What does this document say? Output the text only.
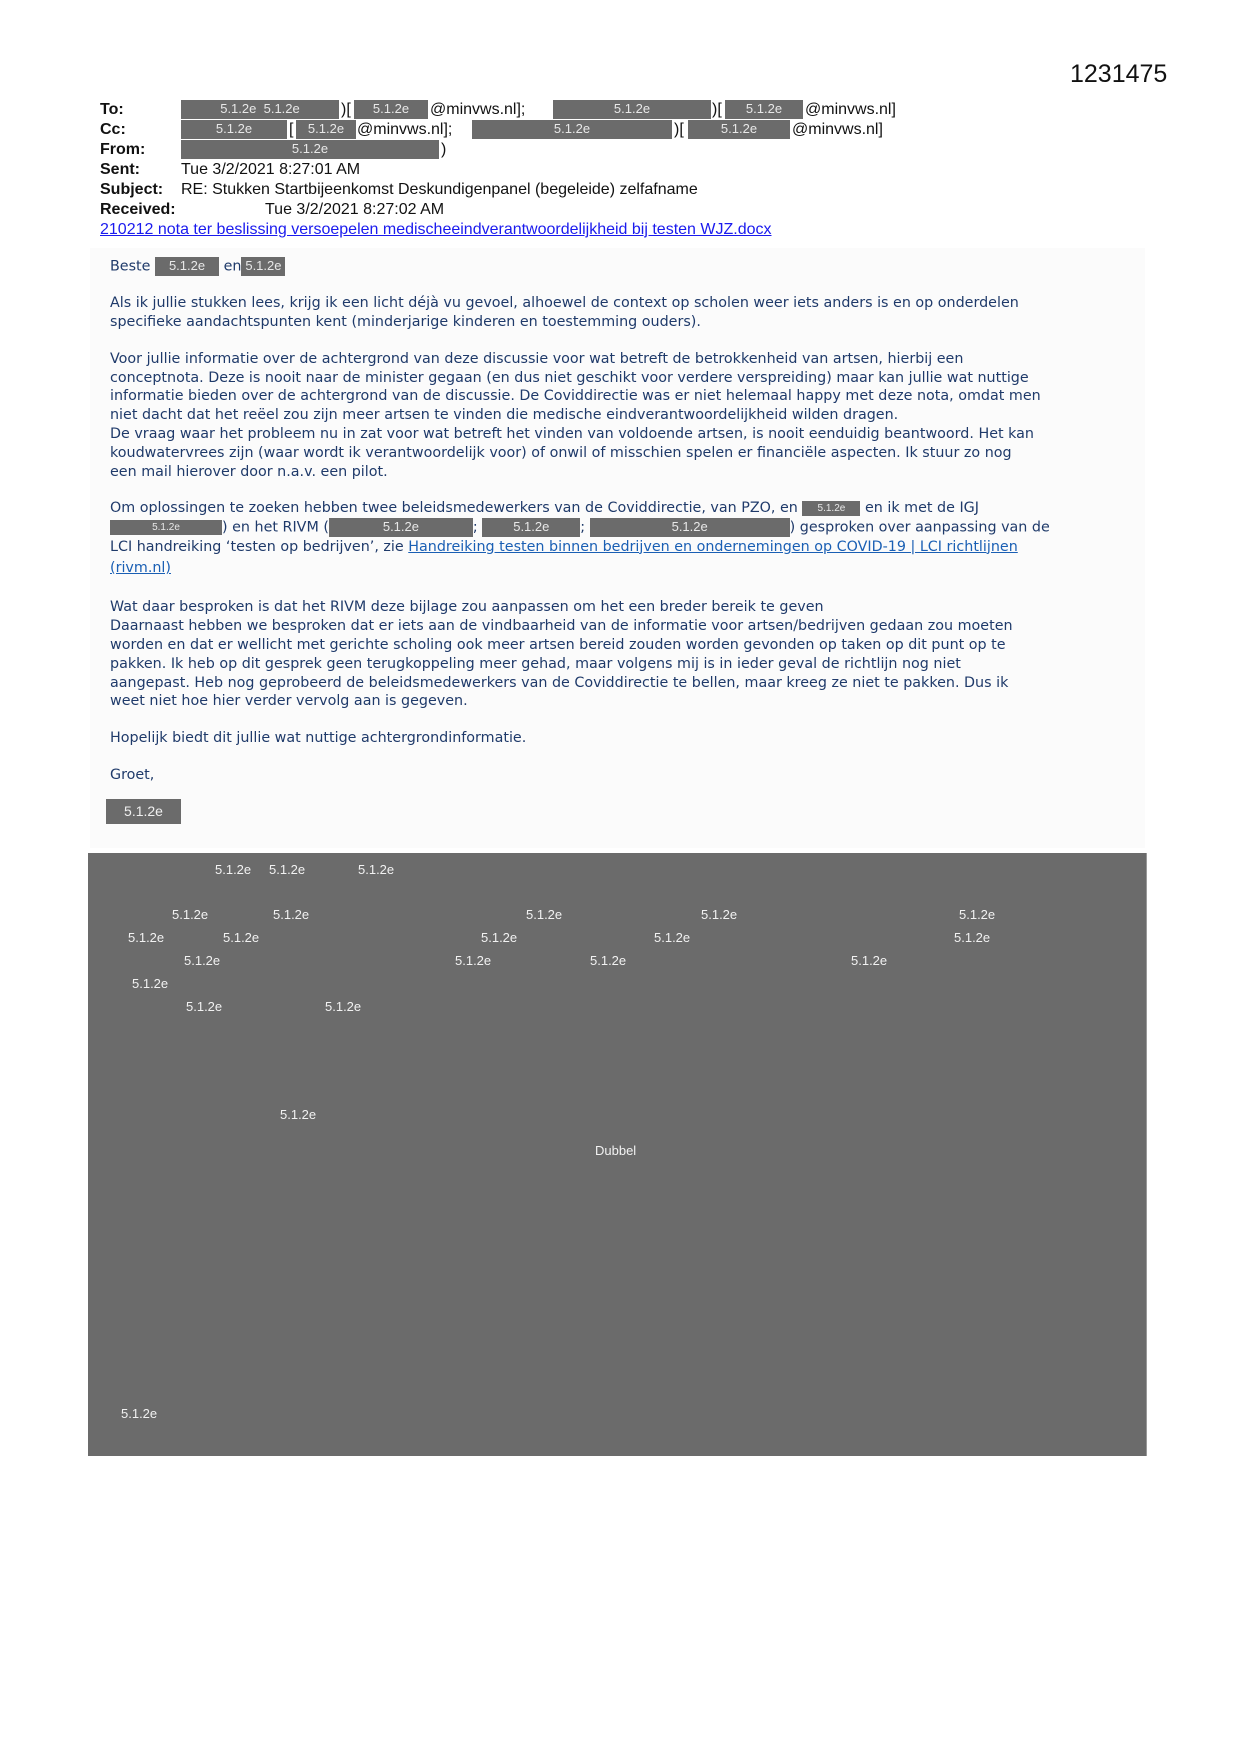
1231475
To:	5.1.2e 5.1.2e	)[	5.1.2e	@minvws.nl];	5.1.2e	)[	5.1.2e	@minvws.nl]
Cc:	5.1.2e	[	5.1.2e @minvws.nl];	5.1.2e	)[	5.1.2e	@minvws.nl]
From:	5.1.2e	)
Sent:	Tue 3/2/2021 8:27:01 AM
Subject: RE: Stukken Startbijeenkomst Deskundigenpanel (begeleide) zelfafname
Received:	Tue 3/2/2021 8:27:02 AM
210212 nota ter beslissing versoepelen medischeeindverantwoordelijkheid bij testen WJZ.docx

Beste 5.1.2e en 5.1.2e

Als ik jullie stukken lees, krijg ik een licht déjà vu gevoel, alhoewel de context op scholen weer iets anders is en op onderdelen

specifieke aandachtspunten kent (minderjarige kinderen en toestemming ouders).

Voor jullie informatie over de achtergrond van deze discussie voor wat betreft de betrokkenheid van artsen, hierbij een

conceptnota. Deze is nooit naar de minister gegaan (en dus niet geschikt voor verdere verspreiding) maar kan jullie wat nuttige

informatie bieden over de achtergrond van de discussie. De Coviddirectie was er niet helemaal happy met deze nota, omdat men

niet dacht dat het reëel zou zijn meer artsen te vinden die medische eindverantwoordelijkheid wilden dragen.

De vraag waar het probleem nu in zat voor wat betreft het vinden van voldoende artsen, is nooit eenduidig beantwoord. Het kan

koudwatervrees zijn (waar wordt ik verantwoordelijk voor) of onwil of misschien spelen er financiële aspecten. Ik stuur zo nog

een mail hierover door n.a.v. een pilot.

Om oplossingen te zoeken hebben twee beleidsmedewerkers van de Coviddirectie, van PZO, en 5.1.2e en ik met de IGJ

5.1.2e	) en het RIVM (	5.1.2e	;	5.1.2e ;	5.1.2e	) gesproken over aanpassing van de

LCI handreiking ‘testen op bedrijven’, zie Handreiking testen binnen bedrijven en ondernemingen op COVID-19 | LCI richtlijnen

(rivm.nl)

Wat daar besproken is dat het RIVM deze bijlage zou aanpassen om het een breder bereik te geven

Daarnaast hebben we besproken dat er iets aan de vindbaarheid van de informatie voor artsen/bedrijven gedaan zou moeten

worden en dat er wellicht met gerichte scholing ook meer artsen bereid zouden worden gevonden op taken op dit punt op te

pakken. Ik heb op dit gesprek geen terugkoppeling meer gehad, maar volgens mij is in ieder geval de richtlijn nog niet

aangepast. Heb nog geprobeerd de beleidsmedewerkers van de Coviddirectie te bellen, maar kreeg ze niet te pakken. Dus ik

weet niet hoe hier verder vervolg aan is gegeven.

Hopelijk biedt dit jullie wat nuttige achtergrondinformatie.

Groet,

5.1.2e
5.1.2e 5.1.2e	5.1.2e
5.1.2e	5.1.2e	5.1.2e	5.1.2e	5.1.2e
5.1.2e	5.1.2e	5.1.2e	5.1.2e	5.1.2e
5.1.2e	5.1.2e	5.1.2e	5.1.2e
5.1.2e
5.1.2e	5.1.2e
5.1.2e
Dubbel
5.1.2e
